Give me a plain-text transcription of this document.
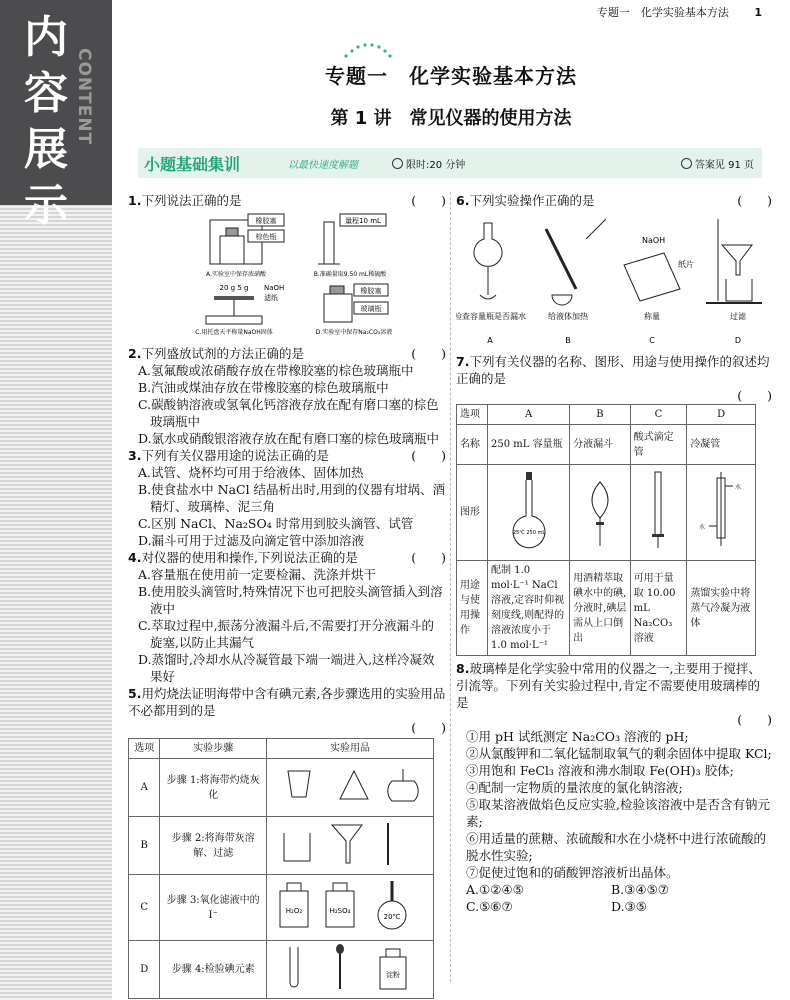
内
容
展
示
CONTENT
专题一　化学实验基本方法 1
专题一　化学实验基本方法
第 1 讲　常见仪器的使用方法
小题基础集训	以最快速度解题	限时:20 分钟	答案见 91 页
1.下列说法正确的是	(　　)
橡胶塞
棕色瓶
A.实验室中保存浓硝酸
量程10 mL
B.准确量取9.50 mL稀硫酸
20 g 5 g NaOH
滤纸
C.用托盘天平称量NaOH固体
橡胶塞
玻璃瓶
D.实验室中保存Na₂CO₃溶液
2.下列盛放试剂的方法正确的是	(　　)
A.氢氟酸或浓硝酸存放在带橡胶塞的棕色玻璃瓶中
B.汽油或煤油存放在带橡胶塞的棕色玻璃瓶中
C.碳酸钠溶液或氢氧化钙溶液存放在配有磨口塞的棕色玻璃瓶中
D.氯水或硝酸银溶液存放在配有磨口塞的棕色玻璃瓶中
3.下列有关仪器用途的说法正确的是	(　　)
A.试管、烧杯均可用于给液体、固体加热
B.使食盐水中 NaCl 结晶析出时,用到的仪器有坩埚、酒精灯、玻璃棒、泥三角
C.区别 NaCl、Na₂SO₄ 时常用到胶头滴管、试管
D.漏斗可用于过滤及向滴定管中添加溶液
4.对仪器的使用和操作,下列说法正确的是	(　　)
A.容量瓶在使用前一定要检漏、洗涤并烘干
B.使用胶头滴管时,特殊情况下也可把胶头滴管插入到溶液中
C.萃取过程中,振荡分液漏斗后,不需要打开分液漏斗的旋塞,以防止其漏气
D.蒸馏时,冷却水从冷凝管最下端一端进入,这样冷凝效果好
5.用灼烧法证明海带中含有碘元素,各步骤选用的实验用品不必都用到的是
(　　)
选项	实验步骤	实验用品
A	步骤 1:将海带灼烧灰化	
B	步骤 2:将海带灰溶解、过滤	
C	步骤 3:氧化滤液中的 I⁻	H₂O₂ H₂SO₄
20℃

D	步骤 4:检验碘元素	淀粉
6.下列实验操作正确的是	(　　)
检查容量瓶是否漏水
A
给液体加热
B
NaOH
纸片
称量
C
过滤
D
7.下列有关仪器的名称、图形、用途与使用操作的叙述均正确的是
(　　)
选项	A	B	C	D
名称	250 mL 容量瓶	分液漏斗	酸式滴定管	冷凝管
图形	25℃ 250 mL			水
水

用途与使用操作	配制 1.0 mol·L⁻¹ NaCl 溶液,定容时仰视刻度线,则配得的溶液浓度小于 1.0 mol·L⁻¹	用酒精萃取碘水中的碘,分液时,碘层需从上口倒出	可用于量取 10.00 mL Na₂CO₃ 溶液	蒸馏实验中将蒸气冷凝为液体
8.玻璃棒是化学实验中常用的仪器之一,主要用于搅拌、引流等。下列有关实验过程中,肯定不需要使用玻璃棒的是
(　　)
①用 pH 试纸测定 Na₂CO₃ 溶液的 pH;
②从氯酸钾和二氧化锰制取氧气的剩余固体中提取 KCl;
③用饱和 FeCl₃ 溶液和沸水制取 Fe(OH)₃ 胶体;
④配制一定物质的量浓度的氯化钠溶液;
⑤取某溶液做焰色反应实验,检验该溶液中是否含有钠元素;
⑥用适量的蔗糖、浓硫酸和水在小烧杯中进行浓硫酸的脱水性实验;
⑦促使过饱和的硝酸钾溶液析出晶体。
A.①②④⑤	B.③④⑤⑦
C.⑤⑥⑦	D.③⑤
